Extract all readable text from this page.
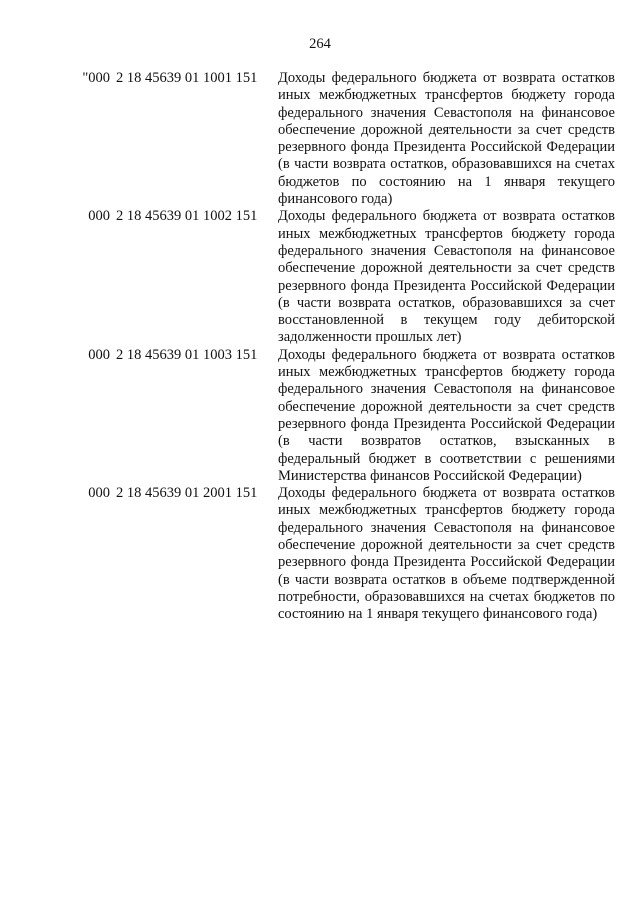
264
"000 2 18 45639 01 1001 151	Доходы федерального бюджета от возврата остатков иных межбюджетных трансфертов бюджету города федерального значения Севастополя на финансовое обеспечение дорожной деятельности за счет средств резервного фонда Президента Российской Федерации (в части возврата остатков, образовавшихся на счетах бюджетов по состоянию на 1 января текущего финансового года)
000 2 18 45639 01 1002 151	Доходы федерального бюджета от возврата остатков иных межбюджетных трансфертов бюджету города федерального значения Севастополя на финансовое обеспечение дорожной деятельности за счет средств резервного фонда Президента Российской Федерации (в части возврата остатков, образовавшихся за счет восстановленной в текущем году дебиторской задолженности прошлых лет)
000 2 18 45639 01 1003 151	Доходы федерального бюджета от возврата остатков иных межбюджетных трансфертов бюджету города федерального значения Севастополя на финансовое обеспечение дорожной деятельности за счет средств резервного фонда Президента Российской Федерации (в части возвратов остатков, взысканных в федеральный бюджет в соответствии с решениями Министерства финансов Российской Федерации)
000 2 18 45639 01 2001 151	Доходы федерального бюджета от возврата остатков иных межбюджетных трансфертов бюджету города федерального значения Севастополя на финансовое обеспечение дорожной деятельности за счет средств резервного фонда Президента Российской Федерации (в части возврата остатков в объеме подтвержденной потребности, образовавшихся на счетах бюджетов по состоянию на 1 января текущего финансового года)
